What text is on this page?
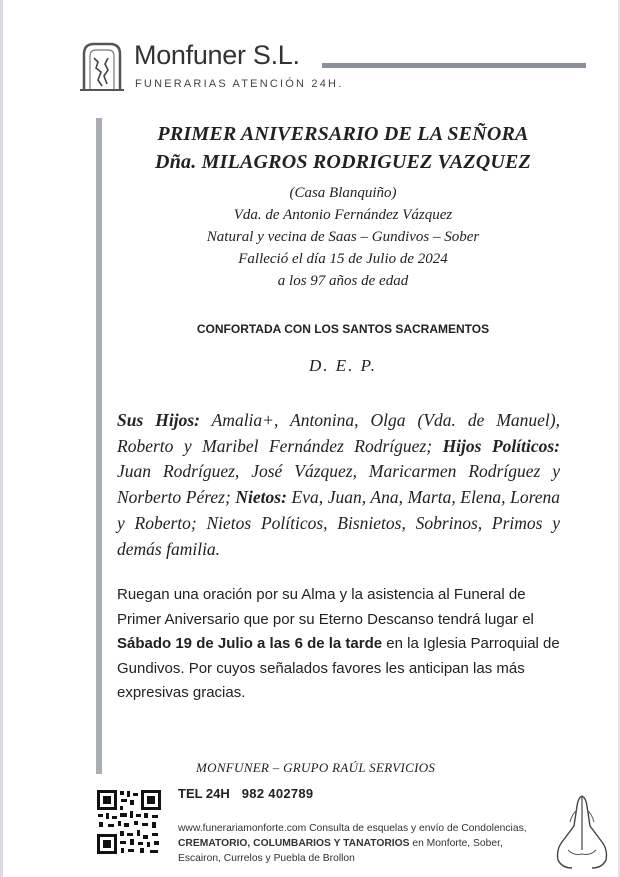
Monfuner S.L.
FUNERARIAS ATENCIÓN 24H.
PRIMER ANIVERSARIO DE LA SEÑORA
Dña. MILAGROS RODRIGUEZ VAZQUEZ
(Casa Blanquiño)
Vda. de Antonio Fernández Vázquez
Natural y vecina de Saas – Gundivos – Sober
Falleció el día 15 de Julio de 2024
a los 97 años de edad
CONFORTADA CON LOS SANTOS SACRAMENTOS
D. E. P.
Sus Hijos: Amalia+, Antonina, Olga (Vda. de Manuel), Roberto y Maribel Fernández Rodríguez; Hijos Políticos: Juan Rodríguez, José Vázquez, Maricarmen Rodríguez y Norberto Pérez; Nietos: Eva, Juan, Ana, Marta, Elena, Lorena y Roberto; Nietos Políticos, Bisnietos, Sobrinos, Primos y demás familia.
Ruegan una oración por su Alma y la asistencia al Funeral de Primer Aniversario que por su Eterno Descanso tendrá lugar el Sábado 19 de Julio a las 6 de la tarde en la Iglesia Parroquial de Gundivos. Por cuyos señalados favores les anticipan las más expresivas gracias.
MONFUNER – GRUPO RAÚL SERVICIOS
TEL 24H 982 402789
www.funerariamonforte.com Consulta de esquelas y envío de Condolencias, CREMATORIO, COLUMBARIOS Y TANATORIOS en Monforte, Sober, Escairon, Currelos y Puebla de Brollon
